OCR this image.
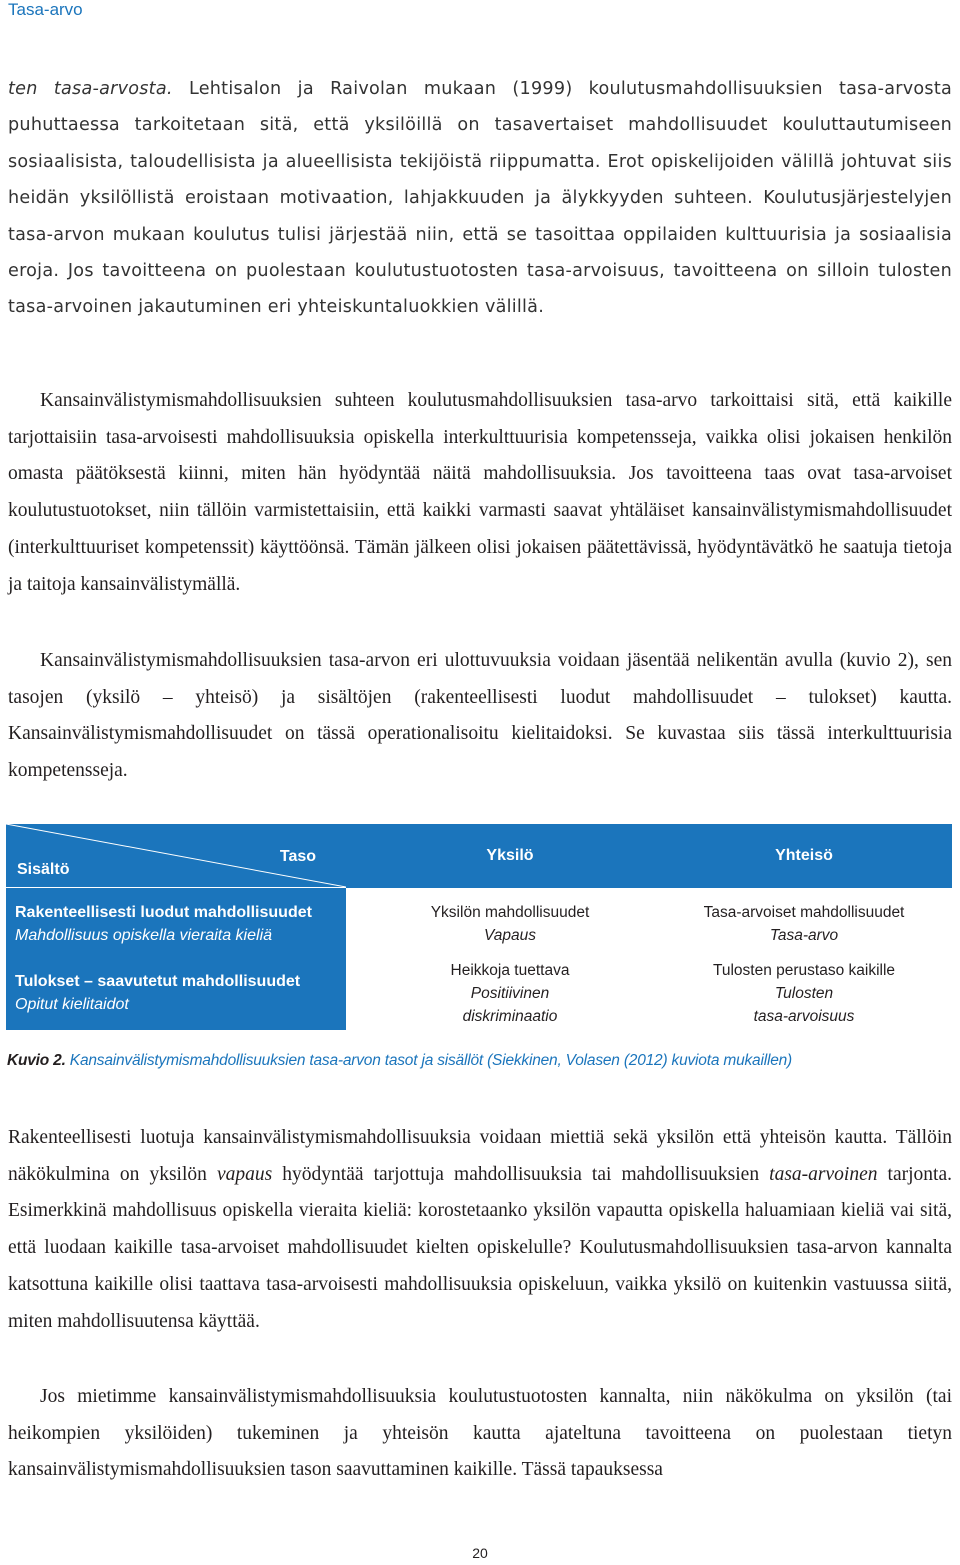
Tasa-arvo
ten tasa-arvosta. Lehtisalon ja Raivolan mukaan (1999) koulutusmahdollisuuksien tasa-arvosta puhuttaessa tarkoitetaan sitä, että yksilöillä on tasavertaiset mahdollisuudet kouluttautumiseen sosiaalisista, taloudellisista ja alueellisista tekijöistä riippumatta. Erot opiskelijoiden välillä johtuvat siis heidän yksilöllistä eroistaan motivaation, lahjakkuuden ja älykkyyden suhteen. Koulutusjärjestelyjen tasa-arvon mukaan koulutus tulisi järjestää niin, että se tasoittaa oppilaiden kulttuurisia ja sosiaalisia eroja. Jos tavoitteena on puolestaan koulutustuotosten tasa-arvoisuus, tavoitteena on silloin tulosten tasa-arvoinen jakautuminen eri yhteiskuntaluokkien välillä.
Kansainvälistymismahdollisuuksien suhteen koulutusmahdollisuuksien tasa-arvo tarkoittaisi sitä, että kaikille tarjottaisiin tasa-arvoisesti mahdollisuuksia opiskella interkulttuurisia kompetenssejа, vaikka olisi jokaisen henkilön omasta päätöksestä kiinni, miten hän hyödyntää näitä mahdollisuuksia. Jos tavoitteena taas ovat tasa-arvoiset koulutustuotokset, niin tällöin varmistettaisiin, että kaikki varmasti saavat yhtäläiset kansainvälistymismahdollisuudet (interkulttuuriset kompetenssit) käyttöönsä. Tämän jälkeen olisi jokaisen päätettävissä, hyödyntävätkö he saatuja tietoja ja taitoja kansainvälistymällä.
Kansainvälistymismahdollisuuksien tasa-arvon eri ulottuvuuksia voidaan jäsentää nelikentän avulla (kuvio 2), sen tasojen (yksilö – yhteisö) ja sisältöjen (rakenteellisesti luodut mahdollisuudet – tulokset) kautta. Kansainvälistymismahdollisuudet on tässä operationalisoitu kielitaidoksi. Se kuvastaa siis tässä interkulttuurisia kompetensseja.
Taso
Sisältö
Yksilö	Yhteisö
Rakenteellisesti luodut mahdollisuudet
Mahdollisuus opiskella vieraita kieliä
Tulokset – saavutetut mahdollisuudet
Opitut kielitaidot
Yksilön mahdollisuudet
Vapaus
Tasa-arvoiset mahdollisuudet
Tasa-arvo
Heikkoja tuettava
Positiivinen
diskriminaatio
Tulosten perustaso kaikille
Tulosten
tasa-arvoisuus
Kuvio 2. Kansainvälistymismahdollisuuksien tasa-arvon tasot ja sisällöt (Siekkinen, Volasen (2012) kuviota mukaillen)
Rakenteellisesti luotuja kansainvälistymismahdollisuuksia voidaan miettiä sekä yksilön että yhteisön kautta. Tällöin näkökulmina on yksilön vapaus hyödyntää tarjottuja mahdollisuuksia tai mahdollisuuksien tasa-arvoinen tarjonta. Esimerkkinä mahdollisuus opiskella vieraita kieliä: korostetaanko yksilön vapautta opiskella haluamiaan kieliä vai sitä, että luodaan kaikille tasa-arvoiset mahdollisuudet kielten opiskelulle? Koulutusmahdollisuuksien tasa-arvon kannalta katsottuna kaikille olisi taattava tasa-arvoisesti mahdollisuuksia opiskeluun, vaikka yksilö on kuitenkin vastuussa siitä, miten mahdollisuutensa käyttää.
Jos mietimme kansainvälistymismahdollisuuksia koulutustuotosten kannalta, niin näkökulma on yksilön (tai heikompien yksilöiden) tukeminen ja yhteisön kautta ajateltuna tavoitteena on puolestaan tietyn kansainvälistymismahdollisuuksien tason saavuttaminen kaikille. Tässä tapauksessa
20
